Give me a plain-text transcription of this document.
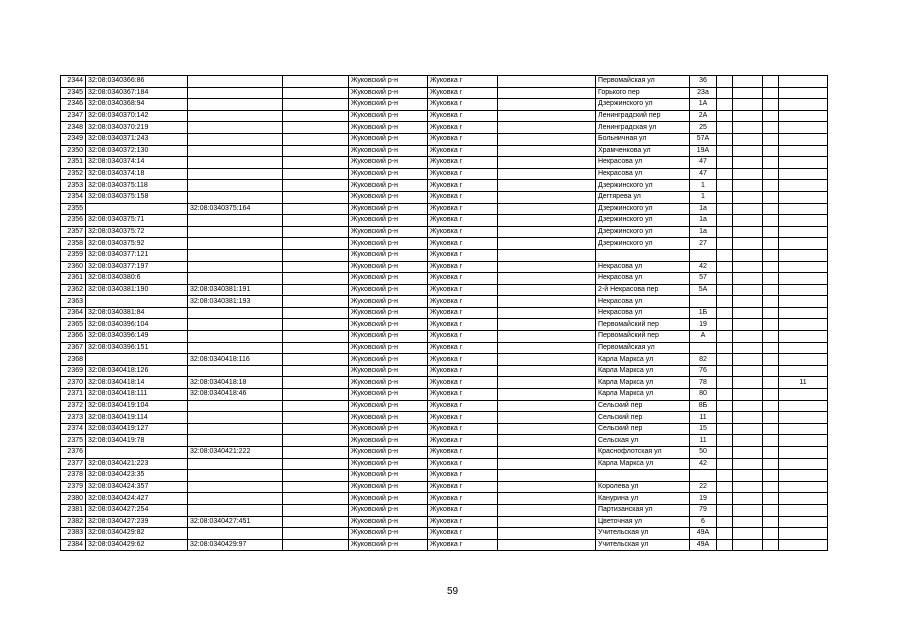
2344	32:08:0340366:86			Жуковский р-н	Жуковка г		Первомайская ул	36				
2345	32:08:0340367:184			Жуковский р-н	Жуковка г		Горького пер	23а				
2346	32:08:0340368:94			Жуковский р-н	Жуковка г		Дзержинского ул	1А				
2347	32:08:0340370:142			Жуковский р-н	Жуковка г		Ленинградский пер	2А				
2348	32:08:0340370:219			Жуковский р-н	Жуковка г		Ленинградская ул	25				
2349	32:08:0340371:243			Жуковский р-н	Жуковка г		Больничная ул	57А				
2350	32:08:0340372:130			Жуковский р-н	Жуковка г		Храмченкова ул	19А				
2351	32:08:0340374:14			Жуковский р-н	Жуковка г		Некрасова ул	47				
2352	32:08:0340374:18			Жуковский р-н	Жуковка г		Некрасова ул	47				
2353	32:08:0340375:118			Жуковский р-н	Жуковка г		Дзержинского ул	1				
2354	32:08:0340375:158			Жуковский р-н	Жуковка г		Дегтярева ул	1				
2355		32:08:0340375:164		Жуковский р-н	Жуковка г		Дзержинского ул	1а				
2356	32:08:0340375:71			Жуковский р-н	Жуковка г		Дзержинского ул	1а				
2357	32:08:0340375:72			Жуковский р-н	Жуковка г		Дзержинского ул	1а				
2358	32:08:0340375:92			Жуковский р-н	Жуковка г		Дзержинского ул	27				
2359	32:08:0340377:121			Жуковский р-н	Жуковка г							
2360	32:08:0340377:197			Жуковский р-н	Жуковка г		Некрасова ул	42				
2361	32:08:0340380:6			Жуковский р-н	Жуковка г		Некрасова ул	57				
2362	32:08:0340381:190	32:08:0340381:191		Жуковский р-н	Жуковка г		2-й Некрасова пер	5А				
2363		32:08:0340381:193		Жуковский р-н	Жуковка г		Некрасова ул					
2364	32:08:0340381:84			Жуковский р-н	Жуковка г		Некрасова ул	1Б				
2365	32:08:0340396:104			Жуковский р-н	Жуковка г		Первомайский пер	19				
2366	32:08:0340396:149			Жуковский р-н	Жуковка г		Первомайский пер	А				
2367	32:08:0340396:151			Жуковский р-н	Жуковка г		Первомайская ул					
2368		32:08:0340418:116		Жуковский р-н	Жуковка г		Карла Маркса ул	82				
2369	32:08:0340418:126			Жуковский р-н	Жуковка г		Карла Маркса ул	76				
2370	32:08:0340418:14	32:08:0340418:18		Жуковский р-н	Жуковка г		Карла Маркса ул	78				11
2371	32:08:0340418:111	32:08:0340418:46		Жуковский р-н	Жуковка г		Карла Маркса ул	80				
2372	32:08:0340419:104			Жуковский р-н	Жуковка г		Сельский пер	8Б				
2373	32:08:0340419:114			Жуковский р-н	Жуковка г		Сельский пер	11				
2374	32:08:0340419:127			Жуковский р-н	Жуковка г		Сельский пер	15				
2375	32:08:0340419:78			Жуковский р-н	Жуковка г		Сельская ул	11				
2376		32:08:0340421:222		Жуковский р-н	Жуковка г		Краснофлотская ул	50				
2377	32:08:0340421:223			Жуковский р-н	Жуковка г		Карла Маркса ул	42				
2378	32:08:0340423:35			Жуковский р-н	Жуковка г							
2379	32:08:0340424:357			Жуковский р-н	Жуковка г		Королева ул	22				
2380	32:08:0340424:427			Жуковский р-н	Жуковка г		Канурина ул	19				
2381	32:08:0340427:254			Жуковский р-н	Жуковка г		Партизанская ул	79				
2382	32:08:0340427:239	32:08:0340427:451		Жуковский р-н	Жуковка г		Цветочная ул	6				
2383	32:08:0340429:82			Жуковский р-н	Жуковка г		Учительская ул	49А				
2384	32:08:0340429:62	32:08:0340429:97		Жуковский р-н	Жуковка г		Учительская ул	49А				
59
